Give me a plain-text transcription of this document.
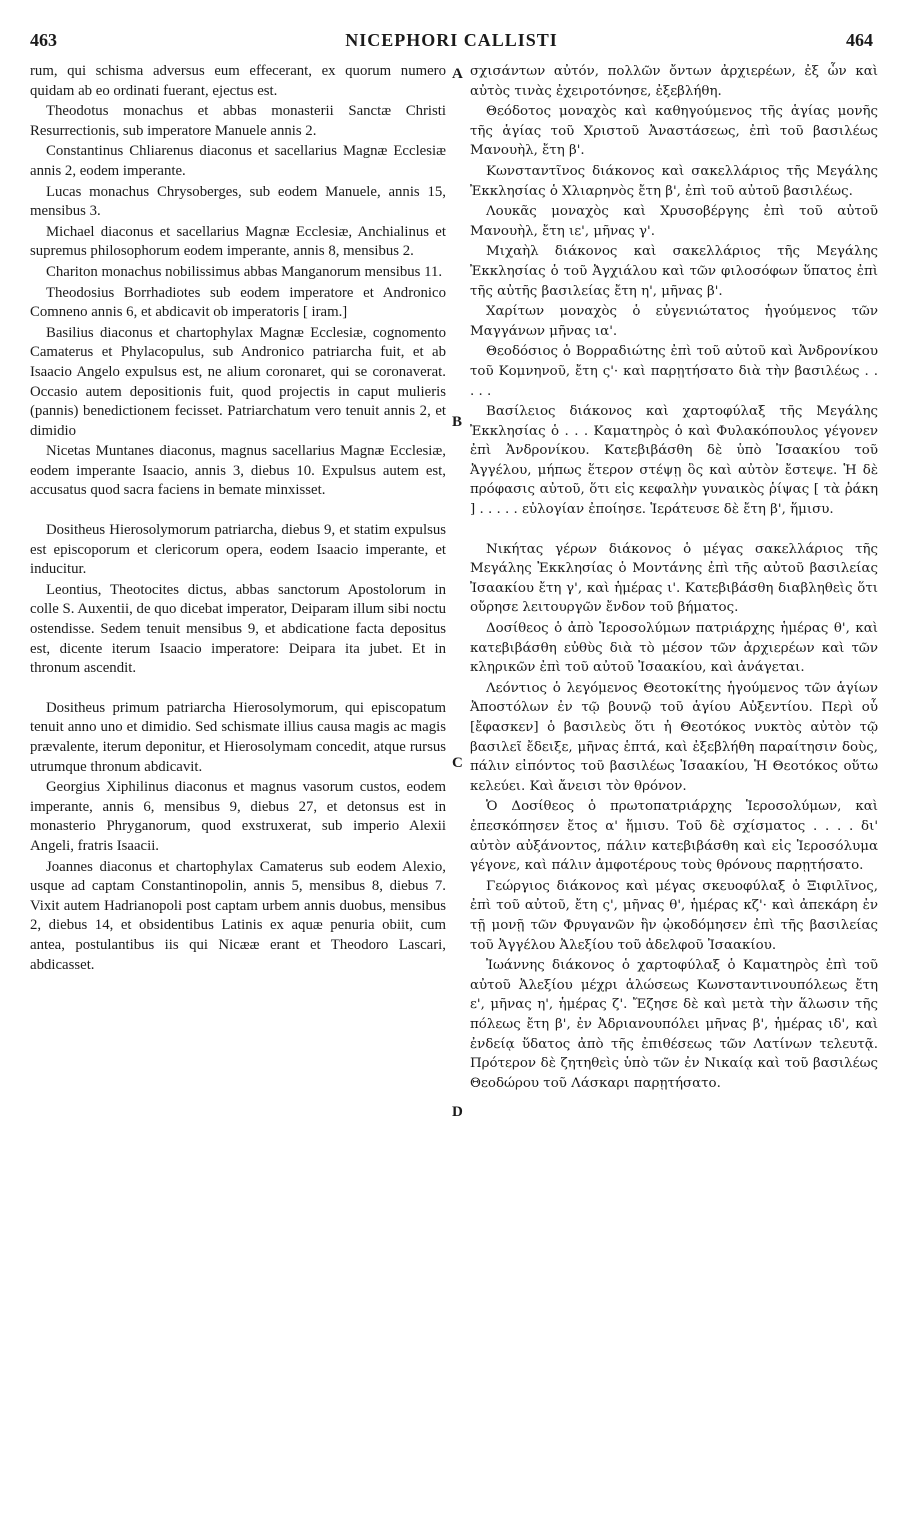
463	NICEPHORI CALLISTI	464
A
B
C
D

rum, qui schisma adversus eum effecerant, ex quorum numero quidam ab eo ordinati fuerant, ejectus est.

Theodotus monachus et abbas monasterii Sanctæ Christi Resurrectionis, sub imperatore Manuele annis 2.

Constantinus Chliarenus diaconus et sacellarius Magnæ Ecclesiæ annis 2, eodem imperante.

Lucas monachus Chrysoberges, sub eodem Manuele, annis 15, mensibus 3.

Michael diaconus et sacellarius Magnæ Ecclesiæ, Anchialinus et supremus philosophorum eodem imperante, annis 8, mensibus 2.

Chariton monachus nobilissimus abbas Manganorum mensibus 11.

Theodosius Borrhadiotes sub eodem imperatore et Andronico Comneno annis 6, et abdicavit ob imperatoris [ iram.]

Basilius diaconus et chartophylax Magnæ Ecclesiæ, cognomento Camaterus et Phylacopulus, sub Andronico patriarcha fuit, et ab Isaacio Angelo expulsus est, ne alium coronaret, qui se coronaverat. Occasio autem depositionis fuit, quod projectis in caput mulieris (pannis) benedictionem fecisset. Patriarchatum vero tenuit annis 2, et dimidio

Nicetas Muntanes diaconus, magnus sacellarius Magnæ Ecclesiæ, eodem imperante Isaacio, annis 3, diebus 10. Expulsus autem est, accusatus quod sacra faciens in bemate minxisset.

Dositheus Hierosolymorum patriarcha, diebus 9, et statim expulsus est episcoporum et clericorum opera, eodem Isaacio imperante, et inducitur.

Leontius, Theotocites dictus, abbas sanctorum Apostolorum in colle S. Auxentii, de quo dicebat imperator, Deiparam illum sibi noctu ostendisse. Sedem tenuit mensibus 9, et abdicatione facta depositus est, dicente iterum Isaacio imperatore: Deipara ita jubet. Et in thronum ascendit.

Dositheus primum patriarcha Hierosolymorum, qui episcopatum tenuit anno uno et dimidio. Sed schismate illius causa magis ac magis prævalente, iterum deponitur, et Hierosolymam concedit, atque rursus utrumque thronum abdicavit.

Georgius Xiphilinus diaconus et magnus vasorum custos, eodem imperante, annis 6, mensibus 9, diebus 27, et detonsus est in monasterio Phryganorum, quod exstruxerat, sub imperio Alexii Angeli, fratris Isaacii.

Joannes diaconus et chartophylax Camaterus sub eodem Alexio, usque ad captam Constantinopolin, annis 5, mensibus 8, diebus 7. Vixit autem Hadrianopoli post captam urbem annis duobus, mensibus 2, diebus 14, et obsidentibus Latinis ex aquæ penuria obiit, cum antea, postulantibus iis qui Nicææ erant et Theodoro Lascari, abdicasset.

σχισάντων αὐτόν, πολλῶν ὄντων ἀρχιερέων, ἐξ ὧν καὶ αὐτὸς τινὰς ἐχειροτόνησε, ἐξεβλήθη.

Θεόδοτος μοναχὸς καὶ καθηγούμενος τῆς ἁγίας μονῆς τῆς ἁγίας τοῦ Χριστοῦ Ἀναστάσεως, ἐπὶ τοῦ βασιλέως Μανουὴλ, ἔτη β'.

Κωνσταντῖνος διάκονος καὶ σακελλάριος τῆς Μεγάλης Ἐκκλησίας ὁ Χλιαρηνὸς ἔτη β', ἐπὶ τοῦ αὐτοῦ βασιλέως.

Λουκᾶς μοναχὸς καὶ Χρυσοβέργης ἐπὶ τοῦ αὐτοῦ Μανουὴλ, ἔτη ιε', μῆνας γ'.

Μιχαὴλ διάκονος καὶ σακελλάριος τῆς Μεγάλης Ἐκκλησίας ὁ τοῦ Ἀγχιάλου καὶ τῶν φιλοσόφων ὕπατος ἐπὶ τῆς αὐτῆς βασιλείας ἔτη η', μῆνας β'.

Χαρίτων μοναχὸς ὁ εὐγενιώτατος ἡγούμενος τῶν Μαγγάνων μῆνας ια'.

Θεοδόσιος ὁ Βορραδιώτης ἐπὶ τοῦ αὐτοῦ καὶ Ἀνδρονίκου τοῦ Κομνηνοῦ, ἔτη ς'· καὶ παρῃτήσατο διὰ τὴν βασιλέως . . . . .

Βασίλειος διάκονος καὶ χαρτοφύλαξ τῆς Μεγάλης Ἐκκλησίας ὁ . . . Καματηρὸς ὁ καὶ Φυλακόπουλος γέγονεν ἐπὶ Ἀνδρονίκου. Κατεβιβάσθη δὲ ὑπὸ Ἰσαακίου τοῦ Ἀγγέλου, μήπως ἕτερον στέψῃ ὃς καὶ αὐτὸν ἔστεψε. Ἡ δὲ πρόφασις αὐτοῦ, ὅτι εἰς κεφαλὴν γυναικὸς ῥίψας [ τὰ ῥάκη ] . . . . . εὐλογίαν ἐποίησε. Ἱεράτευσε δὲ ἔτη β', ἥμισυ.

Νικήτας γέρων διάκονος ὁ μέγας σακελλάριος τῆς Μεγάλης Ἐκκλησίας ὁ Μοντάνης ἐπὶ τῆς αὐτοῦ βασιλείας Ἰσαακίου ἔτη γ', καὶ ἡμέρας ι'. Κατεβιβάσθη διαβληθεὶς ὅτι οὔρησε λειτουργῶν ἔνδον τοῦ βήματος.

Δοσίθεος ὁ ἀπὸ Ἱεροσολύμων πατριάρχης ἡμέρας θ', καὶ κατεβιβάσθη εὐθὺς διὰ τὸ μέσον τῶν ἀρχιερέων καὶ τῶν κληρικῶν ἐπὶ τοῦ αὐτοῦ Ἰσαακίου, καὶ ἀνάγεται.

Λεόντιος ὁ λεγόμενος Θεοτοκίτης ἡγούμενος τῶν ἁγίων Ἀποστόλων ἐν τῷ βουνῷ τοῦ ἁγίου Αὐξεντίου. Περὶ οὗ [ἔφασκεν] ὁ βασιλεὺς ὅτι ἡ Θεοτόκος νυκτὸς αὐτὸν τῷ βασιλεῖ ἔδειξε, μῆνας ἑπτά, καὶ ἐξεβλήθη παραίτησιν δοὺς, πάλιν εἰπόντος τοῦ βασιλέως Ἰσαακίου, Ἡ Θεοτόκος οὕτω κελεύει. Καὶ ἄνεισι τὸν θρόνον.

Ὁ Δοσίθεος ὁ πρωτοπατριάρχης Ἱεροσολύμων, καὶ ἐπεσκόπησεν ἔτος α' ἥμισυ. Τοῦ δὲ σχίσματος . . . . δι' αὐτὸν αὐξάνοντος, πάλιν κατεβιβάσθη καὶ εἰς Ἱεροσόλυμα γέγονε, καὶ πάλιν ἀμφοτέρους τοὺς θρόνους παρῃτήσατο.

Γεώργιος διάκονος καὶ μέγας σκευοφύλαξ ὁ Ξιφιλῖνος, ἐπὶ τοῦ αὐτοῦ, ἔτη ς', μῆνας θ', ἡμέρας κζ'· καὶ ἀπεκάρη ἐν τῇ μονῇ τῶν Φρυγανῶν ἣν ᾠκοδόμησεν ἐπὶ τῆς βασιλείας τοῦ Ἀγγέλου Ἀλεξίου τοῦ ἀδελφοῦ Ἰσαακίου.

Ἰωάννης διάκονος ὁ χαρτοφύλαξ ὁ Καματηρὸς ἐπὶ τοῦ αὐτοῦ Ἀλεξίου μέχρι ἁλώσεως Κωνσταντινουπόλεως ἔτη ε', μῆνας η', ἡμέρας ζ'. Ἔζησε δὲ καὶ μετὰ τὴν ἅλωσιν τῆς πόλεως ἔτη β', ἐν Ἀδριανουπόλει μῆνας β', ἡμέρας ιδ', καὶ ἐνδείᾳ ὕδατος ἀπὸ τῆς ἐπιθέσεως τῶν Λατίνων τελευτᾷ. Πρότερον δὲ ζητηθεὶς ὑπὸ τῶν ἐν Νικαίᾳ καὶ τοῦ βασιλέως Θεοδώρου τοῦ Λάσκαρι παρῃτήσατο.
